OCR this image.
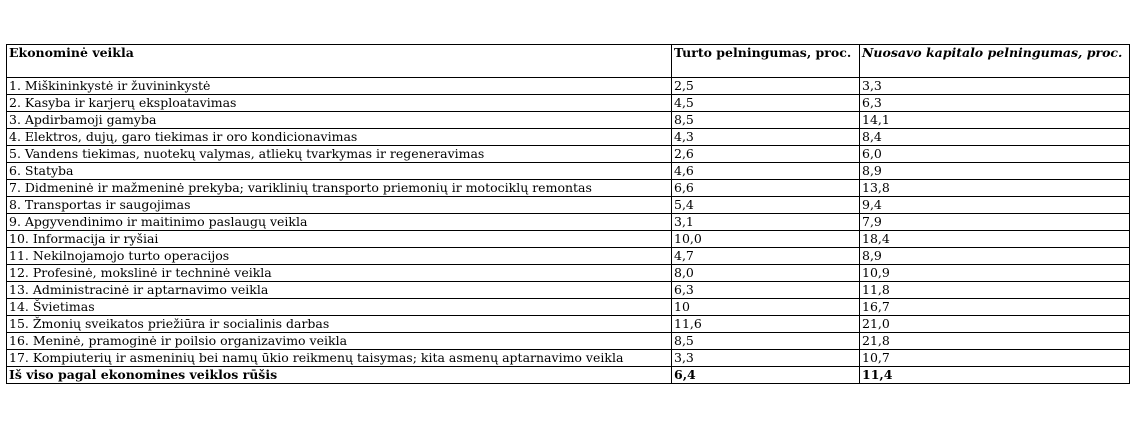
Ekonominė veikla	Turto pelningumas, proc.	Nuosavo kapitalo pelningumas, proc.
1. Miškininkystė ir žuvininkystė	2,5	3,3
2. Kasyba ir karjerų eksploatavimas	4,5	6,3
3. Apdirbamoji gamyba	8,5	14,1
4. Elektros, dujų, garo tiekimas ir oro kondicionavimas	4,3	8,4
5. Vandens tiekimas, nuotekų valymas, atliekų tvarkymas ir regeneravimas	2,6	6,0
6. Statyba	4,6	8,9
7. Didmeninė ir mažmeninė prekyba; variklinių transporto priemonių ir motociklų remontas	6,6	13,8
8. Transportas ir saugojimas	5,4	9,4
9. Apgyvendinimo ir maitinimo paslaugų veikla	3,1	7,9
10. Informacija ir ryšiai	10,0	18,4
11. Nekilnojamojo turto operacijos	4,7	8,9
12. Profesinė, mokslinė ir techninė veikla	8,0	10,9
13. Administracinė ir aptarnavimo veikla	6,3	11,8
14. Švietimas	10	16,7
15. Žmonių sveikatos priežiūra ir socialinis darbas	11,6	21,0
16. Meninė, pramoginė ir poilsio organizavimo veikla	8,5	21,8
17. Kompiuterių ir asmeninių bei namų ūkio reikmenų taisymas; kita asmenų aptarnavimo veikla	3,3	10,7
Iš viso pagal ekonomines veiklos rūšis	6,4	11,4
